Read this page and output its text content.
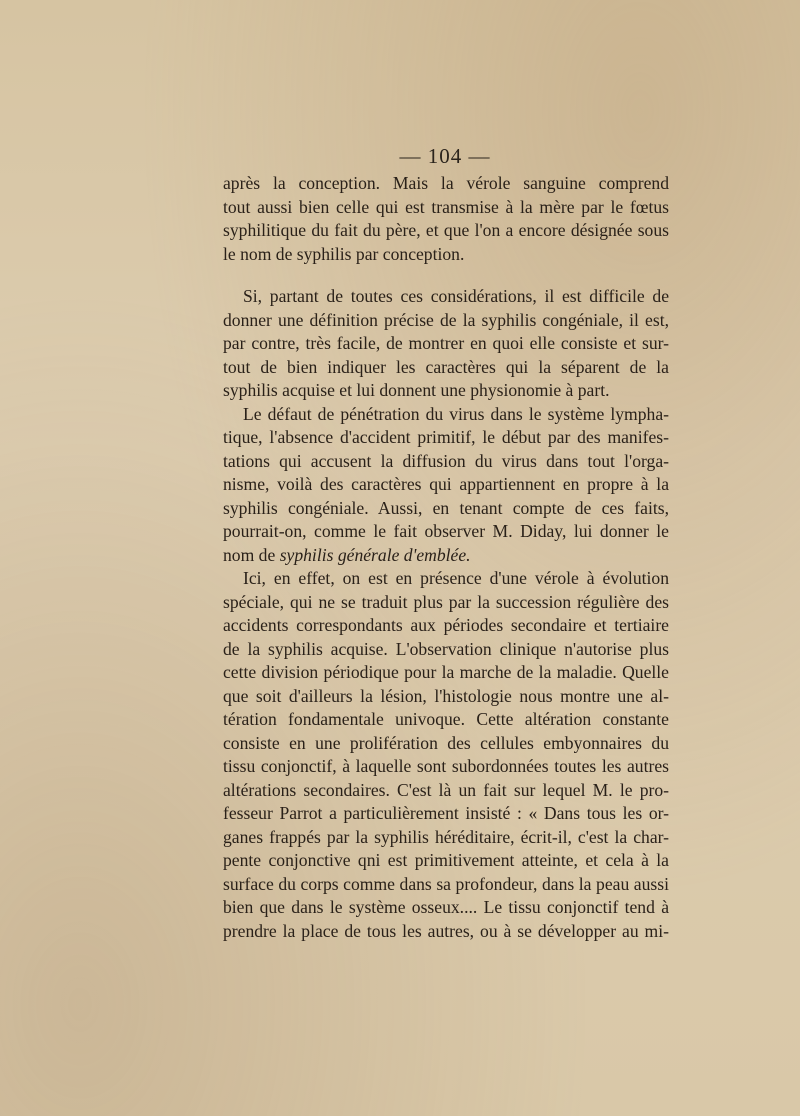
— 104 —
après la conception. Mais la vérole sanguine comprend
tout aussi bien celle qui est transmise à la mère par le fœtus
syphilitique du fait du père, et que l'on a encore désignée sous
le nom de syphilis par conception.
Si, partant de toutes ces considérations, il est difficile de
donner une définition précise de la syphilis congéniale, il est,
par contre, très facile, de montrer en quoi elle consiste et sur-
tout de bien indiquer les caractères qui la séparent de la
syphilis acquise et lui donnent une physionomie à part.
Le défaut de pénétration du virus dans le système lympha-
tique, l'absence d'accident primitif, le début par des manifes-
tations qui accusent la diffusion du virus dans tout l'orga-
nisme, voilà des caractères qui appartiennent en propre à la
syphilis congéniale. Aussi, en tenant compte de ces faits,
pourrait-on, comme le fait observer M. Diday, lui donner le
nom de syphilis générale d'emblée.
Ici, en effet, on est en présence d'une vérole à évolution
spéciale, qui ne se traduit plus par la succession régulière des
accidents correspondants aux périodes secondaire et tertiaire
de la syphilis acquise. L'observation clinique n'autorise plus
cette division périodique pour la marche de la maladie. Quelle
que soit d'ailleurs la lésion, l'histologie nous montre une al-
tération fondamentale univoque. Cette altération constante
consiste en une prolifération des cellules embyonnaires du
tissu conjonctif, à laquelle sont subordonnées toutes les autres
altérations secondaires. C'est là un fait sur lequel M. le pro-
fesseur Parrot a particulièrement insisté : « Dans tous les or-
ganes frappés par la syphilis héréditaire, écrit-il, c'est la char-
pente conjonctive qni est primitivement atteinte, et cela à la
surface du corps comme dans sa profondeur, dans la peau aussi
bien que dans le système osseux.... Le tissu conjonctif tend à
prendre la place de tous les autres, ou à se développer au mi-
